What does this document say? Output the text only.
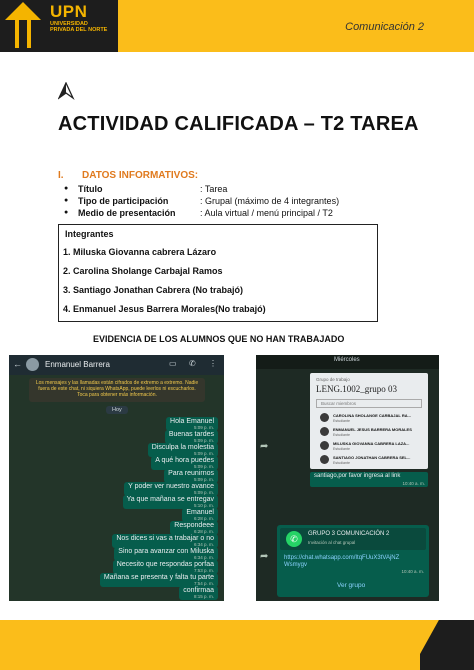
UPN
UNIVERSIDAD PRIVADA DEL NORTE	Comunicación 2
ACTIVIDAD CALIFICADA – T2 TAREA
I. DATOS INFORMATIVOS:
●	Título	: Tarea
●	Tipo de participación	: Grupal (máximo de 4 integrantes)
●	Medio de presentación	: Aula virtual / menú principal / T2
Integrantes
1. Miluska Giovanna cabrera Lázaro
2. Carolina Sholange Carbajal Ramos
3. Santiago Jonathan Cabrera (No trabajó)
4. Enmanuel Jesus Barrera Morales(No trabajó)
EVIDENCIA DE LOS ALUMNOS QUE NO HAN TRABAJADO
←	Enmanuel Barrera	▭ ✆ ⋮
Los mensajes y las llamadas están cifrados de extremo a extremo. Nadie fuera de este chat, ni siquiera WhatsApp, puede leerlos ni escucharlos. Toca para obtener más información.
Hoy
Hola Emanuel
5:09 p. m.
Buenas tardes
5:09 p. m.
Disculpa la molestia
5:09 p. m.
A qué hora puedes
5:09 p. m.
Para reunirnos
5:09 p. m.
Y poder ver nuestro avance
5:09 p. m.
Ya que mañana se entregav
5:10 p. m.
Emanuel
6:28 p. m.
Respondeee
6:28 p. m.
Nos dices si vas a trabajar o no
6:34 p. m.
Sino para avanzar con Miluska
6:34 p. m.
Necesito que respondas porfaa
7:53 p. m.
Mañana se presenta y falta tu parte
7:54 p. m.
confirmaa
8:15 p. m.
Miércoles
Grupo de trabajo
LENG.1002_grupo 03
Buscar miembros
CAROLINA SHOLANGE CARBAJAL RA...
Estudiante
ENMANUEL JESUS BARRERA MORALES
Estudiante
MILUSKA GIOVANNA CABRERA LAZA...
Estudiante
SANTIAGO JONATHAN CABRERA SEL...
Estudiante
➦
santiago,por favor ingresa al link
10:40 a. m.
➦
✆	GRUPO 3 COMUNICACIÓN 2
Invitación al chat grupal
https://chat.whatsapp.com/ItqFUuX3tVAjNZWsmygv
10:40 a. m.
Ver grupo
